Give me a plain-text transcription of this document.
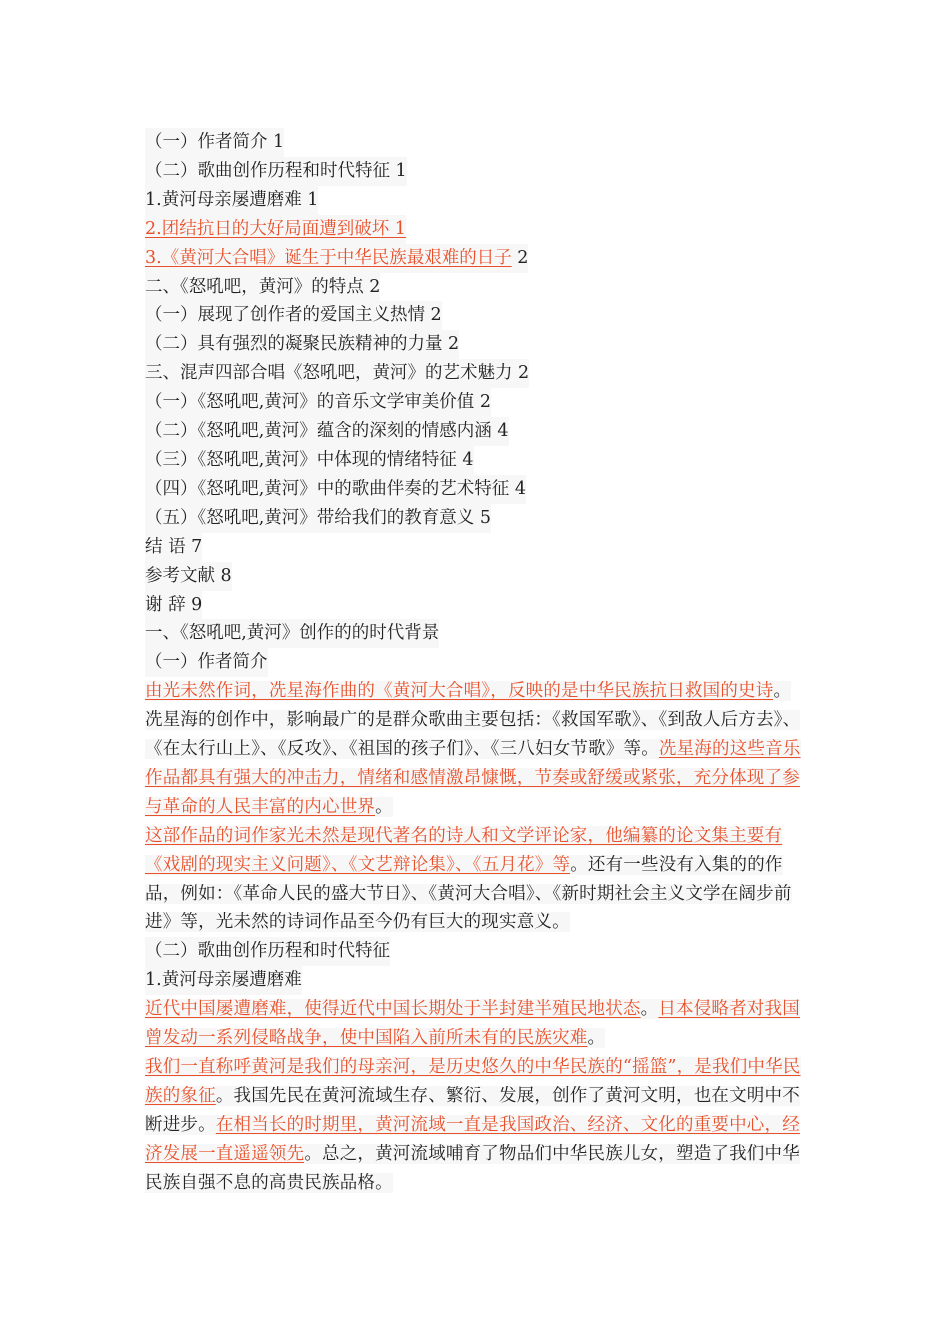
（一）作者简介 1
（二）歌曲创作历程和时代特征 1
1.黄河母亲屡遭磨难 1
2.团结抗日的大好局面遭到破坏 1
3.《黄河大合唱》诞生于中华民族最艰难的日子 2
二、《怒吼吧，黄河》的特点 2
（一）展现了创作者的爱国主义热情 2
（二）具有强烈的凝聚民族精神的力量 2
三、混声四部合唱《怒吼吧，黄河》的艺术魅力 2
（一）《怒吼吧,黄河》的音乐文学审美价值 2
（二）《怒吼吧,黄河》蕴含的深刻的情感内涵 4
（三）《怒吼吧,黄河》中体现的情绪特征 4
（四）《怒吼吧,黄河》中的歌曲伴奏的艺术特征 4
（五）《怒吼吧,黄河》带给我们的教育意义 5
结 语 7
参考文献 8
谢 辞 9
一、《怒吼吧,黄河》创作的的时代背景
（一）作者简介

由光未然作词，冼星海作曲的《黄河大合唱》，反映的是中华民族抗日救国的史诗。冼星海的创作中，影响最广的是群众歌曲主要包括：《救国军歌》、《到敌人后方去》、《在太行山上》、《反攻》、《祖国的孩子们》、《三八妇女节歌》等。冼星海的这些音乐作品都具有强大的冲击力，情绪和感情激昂慷慨，节奏或舒缓或紧张，充分体现了参与革命的人民丰富的内心世界。

这部作品的词作家光未然是现代著名的诗人和文学评论家，他编纂的论文集主要有《戏剧的现实主义问题》、《文艺辩论集》、《五月花》等。还有一些没有入集的的作品，例如：《革命人民的盛大节日》、《黄河大合唱》、《新时期社会主义文学在阔步前进》等，光未然的诗词作品至今仍有巨大的现实意义。

（二）歌曲创作历程和时代特征
1.黄河母亲屡遭磨难

近代中国屡遭磨难，使得近代中国长期处于半封建半殖民地状态。日本侵略者对我国曾发动一系列侵略战争，使中国陷入前所未有的民族灾难。

我们一直称呼黄河是我们的母亲河，是历史悠久的中华民族的“摇篮”，是我们中华民族的象征。我国先民在黄河流域生存、繁衍、发展，创作了黄河文明，也在文明中不断进步。在相当长的时期里，黄河流域一直是我国政治、经济、文化的重要中心，经济发展一直遥遥领先。总之，黄河流域哺育了物品们中华民族儿女，塑造了我们中华民族自强不息的高贵民族品格。
